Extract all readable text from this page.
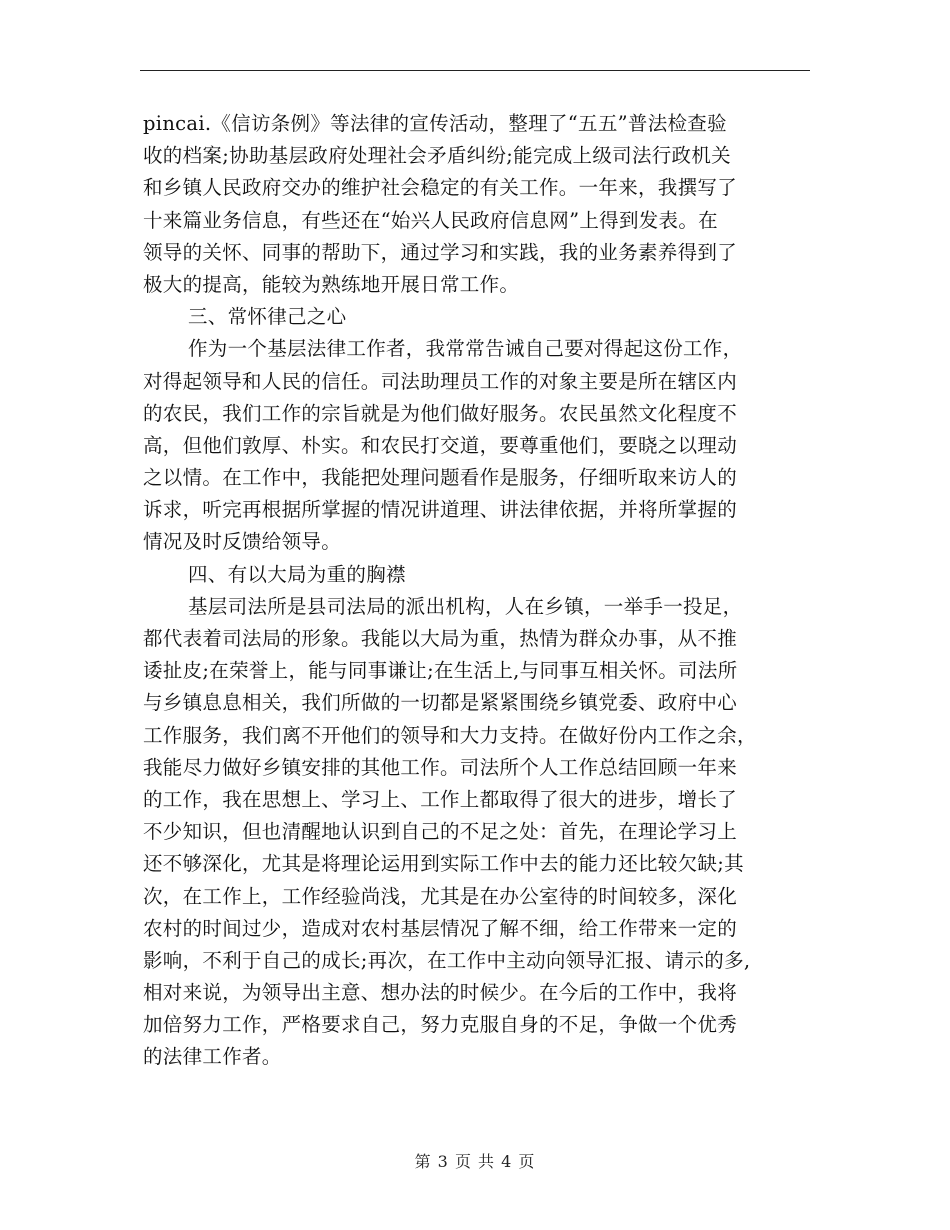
pincai.《信访条例》等法律的宣传活动，整理了“五五”普法检查验
收的档案;协助基层政府处理社会矛盾纠纷;能完成上级司法行政机关
和乡镇人民政府交办的维护社会稳定的有关工作。一年来，我撰写了
十来篇业务信息，有些还在“始兴人民政府信息网”上得到发表。在
领导的关怀、同事的帮助下，通过学习和实践，我的业务素养得到了
极大的提高，能较为熟练地开展日常工作。
三、常怀律己之心
作为一个基层法律工作者，我常常告诫自己要对得起这份工作，
对得起领导和人民的信任。司法助理员工作的对象主要是所在辖区内
的农民，我们工作的宗旨就是为他们做好服务。农民虽然文化程度不
高，但他们敦厚、朴实。和农民打交道，要尊重他们，要晓之以理动
之以情。在工作中，我能把处理问题看作是服务，仔细听取来访人的
诉求，听完再根据所掌握的情况讲道理、讲法律依据，并将所掌握的
情况及时反馈给领导。
四、有以大局为重的胸襟
基层司法所是县司法局的派出机构，人在乡镇，一举手一投足，
都代表着司法局的形象。我能以大局为重，热情为群众办事，从不推
诿扯皮;在荣誉上，能与同事谦让;在生活上,与同事互相关怀。司法所
与乡镇息息相关，我们所做的一切都是紧紧围绕乡镇党委、政府中心
工作服务，我们离不开他们的领导和大力支持。在做好份内工作之余，
我能尽力做好乡镇安排的其他工作。司法所个人工作总结回顾一年来
的工作，我在思想上、学习上、工作上都取得了很大的进步，增长了
不少知识，但也清醒地认识到自己的不足之处：首先，在理论学习上
还不够深化，尤其是将理论运用到实际工作中去的能力还比较欠缺;其
次，在工作上，工作经验尚浅，尤其是在办公室待的时间较多，深化
农村的时间过少，造成对农村基层情况了解不细，给工作带来一定的
影响，不利于自己的成长;再次，在工作中主动向领导汇报、请示的多,
相对来说，为领导出主意、想办法的时候少。在今后的工作中，我将
加倍努力工作，严格要求自己，努力克服自身的不足，争做一个优秀
的法律工作者。
第 3 页 共 4 页
